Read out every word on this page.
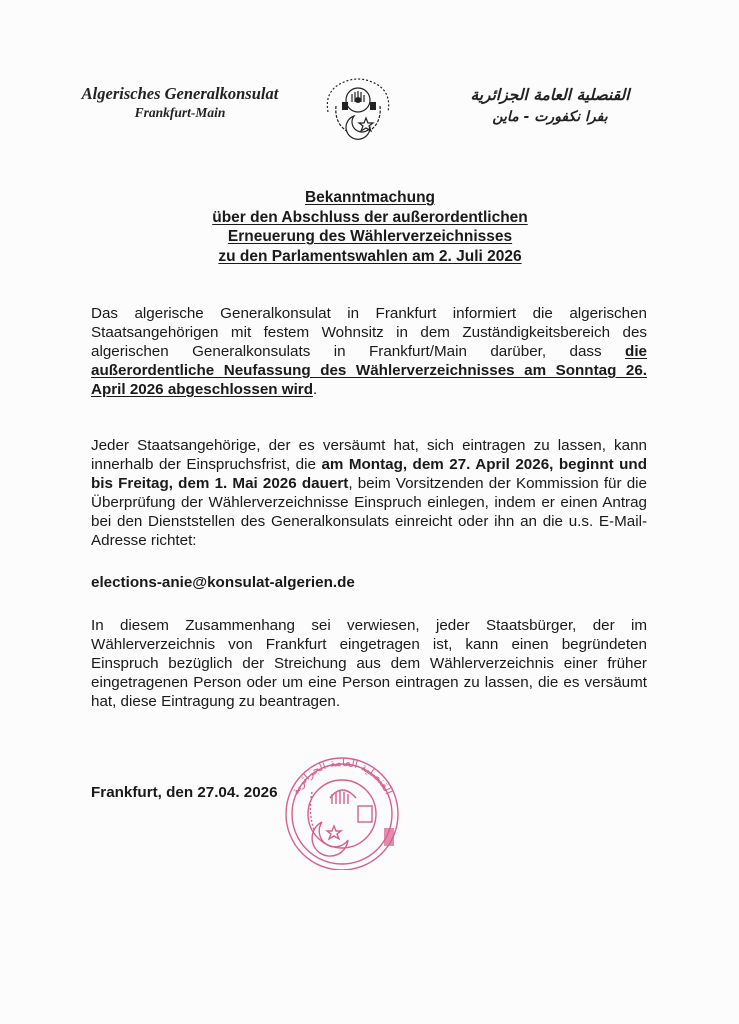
Algerisches Generalkonsulat
Frankfurt-Main
القنصلية العامة الجزائرية
بفرا نكفورت - ماين
Bekanntmachung
über den Abschluss der außerordentlichen
Erneuerung des Wählerverzeichnisses
zu den Parlamentswahlen am 2. Juli 2026
Das algerische Generalkonsulat in Frankfurt informiert die algerischen Staatsangehörigen mit festem Wohnsitz in dem Zuständigkeitsbereich des algerischen Generalkonsulats in Frankfurt/Main darüber, dass die außerordentliche Neufassung des Wählerverzeichnisses am Sonntag 26. April 2026 abgeschlossen wird.
Jeder Staatsangehörige, der es versäumt hat, sich eintragen zu lassen, kann innerhalb der Einspruchsfrist, die am Montag, dem 27. April 2026, beginnt und bis Freitag, dem 1. Mai 2026 dauert, beim Vorsitzenden der Kommission für die Überprüfung der Wählerverzeichnisse Einspruch einlegen, indem er einen Antrag bei den Dienststellen des Generalkonsulats einreicht oder ihn an die u.s. E-Mail-Adresse richtet:
elections-anie@konsulat-algerien.de
In diesem Zusammenhang sei verwiesen, jeder Staatsbürger, der im Wählerverzeichnis von Frankfurt eingetragen ist, kann einen begründeten Einspruch bezüglich der Streichung aus dem Wählerverzeichnis einer früher eingetragenen Person oder um eine Person eintragen zu lassen, die es versäumt hat, diese Eintragung zu beantragen.
Frankfurt, den 27.04. 2026 القنصلية العامة الجزائرية
